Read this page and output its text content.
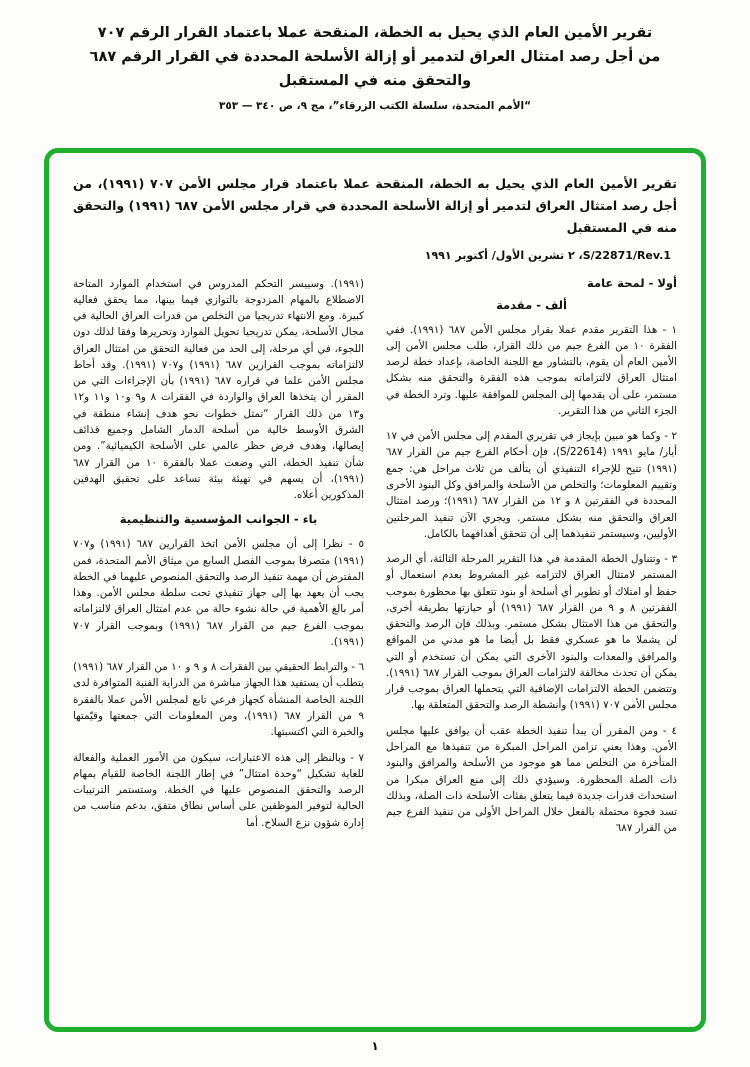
تقرير الأمين العام الذي يحيل به الخطة، المنقحة عملا باعتماد القرار الرقم ٧٠٧
من أجل رصد امتثال العراق لتدمير أو إزالة الأسلحة المحددة في القرار الرقم ٦٨٧
والتحقق منه في المستقبل
“الأمم المتحدة، سلسلة الكتب الزرقاء”، مج ٩، ص ٣٤٠ — ٣٥٣
تقرير الأمين العام الذي يحيل به الخطة، المنقحة عملا باعتماد قرار مجلس الأمن ٧٠٧ (١٩٩١)، من أجل رصد امتثال العراق لتدمير أو إزالة الأسلحة المحددة في قرار مجلس الأمن ٦٨٧ (١٩٩١) والتحقق منه في المستقبل
S/22871/Rev.1، ٢ تشرين الأول/ أكتوبر ١٩٩١
أولا - لمحة عامة
ألف - مقدمة

١ - هذا التقرير مقدم عملا بقرار مجلس الأمن ٦٨٧ (١٩٩١). ففي الفقرة ١٠ من الفرع جيم من ذلك القرار، طلب مجلس الأمن إلى الأمين العام أن يقوم، بالتشاور مع اللجنة الخاصة، بإعداد خطة لرصد امتثال العراق لالتزاماته بموجب هذه الفقرة والتحقق منه بشكل مستمر، على أن يقدمها إلى المجلس للموافقة عليها. وترد الخطة في الجزء الثاني من هذا التقرير.

٢ - وكما هو مبين بإيجاز في تقريري المقدم إلى مجلس الأمن في ١٧ أيار/ مايو ١٩٩١ (S/22614)، فإن أحكام الفرع جيم من القرار ٦٨٧ (١٩٩١) تتيح للإجراء التنفيذي أن يتألف من ثلاث مراحل هي: جمع وتقييم المعلومات؛ والتخلص من الأسلحة والمرافق وكل البنود الأخرى المحددة في الفقرتين ٨ و ١٢ من القرار ٦٨٧ (١٩٩١)؛ ورصد امتثال العراق والتحقق منه بشكل مستمر. ويجري الآن تنفيذ المرحلتين الأوليين، وسيستمر تنفيذهما إلى أن تتحقق أهدافهما بالكامل.

٣ - وتتناول الخطة المقدمة في هذا التقرير المرحلة الثالثة، أي الرصد المستمر لامتثال العراق لالتزامه غير المشروط بعدم استعمال أو حفظ أو امتلاك أو تطوير أي أسلحة أو بنود تتعلق بها محظورة بموجب الفقرتين ٨ و ٩ من القرار ٦٨٧ (١٩٩١) أو حيازتها بطريقة أخرى، والتحقق من هذا الامتثال بشكل مستمر. وبذلك فإن الرصد والتحقق لن يشملا ما هو عسكري فقط بل أيضا ما هو مدني من المواقع والمرافق والمعدات والبنود الأخرى التي يمكن أن تستخدم أو التي يمكن أن تحدث مخالفة لالتزامات العراق بموجب القرار ٦٨٧ (١٩٩١). وتتضمن الخطة الالتزامات الإضافية التي يتحملها العراق بموجب قرار مجلس الأمن ٧٠٧ (١٩٩١) وأنشطة الرصد والتحقق المتعلقة بها.

٤ - ومن المقرر أن يبدأ تنفيذ الخطة عقب أن يوافق عليها مجلس الأمن. وهذا يعني تزامن المراحل المبكرة من تنفيذها مع المراحل المتأخرة من التخلص مما هو موجود من الأسلحة والمرافق والبنود ذات الصلة المحظورة. وسيؤدي ذلك إلى منع العراق مبكرا من استحداث قدرات جديدة فيما يتعلق بفئات الأسلحة ذات الصلة، وبذلك تسد فجوة محتملة بالفعل خلال المراحل الأولى من تنفيذ الفرع جيم من القرار ٦٨٧

(١٩٩١). وسييسر التحكم المدروس في استخدام الموارد المتاحة الاضطلاع بالمهام المزدوجة بالتوازي فيما بينها، مما يحقق فعالية كبيرة. ومع الانتهاء تدريجيا من التخلص من قدرات العراق الحالية في مجال الأسلحة، يمكن تدريجيا تحويل الموارد وتحريرها وفقا لذلك دون اللجوء، في أي مرحلة، إلى الحد من فعالية التحقق من امتثال العراق لالتزاماته بموجب القرارين ٦٨٧ (١٩٩١) و٧٠٧ (١٩٩١). وقد أحاط مجلس الأمن علما في قراره ٦٨٧ (١٩٩١) بأن الإجراءات التي من المقرر أن يتخذها العراق والواردة في الفقرات ٨ و٩ و١٠ و١١ و١٢ و١٣ من ذلك القرار “تمثل خطوات نحو هدف إنشاء منطقة في الشرق الأوسط خالية من أسلحة الدمار الشامل وجميع قذائف إيصالها، وهدف فرض حظر عالمي على الأسلحة الكيميائية”. ومن شأن تنفيذ الخطة، التي وضعت عملا بالفقرة ١٠ من القرار ٦٨٧ (١٩٩١)، أن يسهم في تهيئة بيئة تساعد على تحقيق الهدفين المذكورين أعلاه.

باء - الجوانب المؤسسية والتنظيمية

٥ - نظرا إلى أن مجلس الأمن اتخذ القرارين ٦٨٧ (١٩٩١) و٧٠٧ (١٩٩١) متصرفا بموجب الفصل السابع من ميثاق الأمم المتحدة، فمن المفترض أن مهمة تنفيذ الرصد والتحقق المنصوص عليهما في الخطة يجب أن يعهد بها إلى جهاز تنفيذي تحت سلطة مجلس الأمن. وهذا أمر بالغ الأهمية في حالة نشوء حالة من عدم امتثال العراق لالتزاماته بموجب الفرع جيم من القرار ٦٨٧ (١٩٩١) وبموجب القرار ٧٠٧ (١٩٩١).

٦ - والترابط الحقيقي بين الفقرات ٨ و ٩ و ١٠ من القرار ٦٨٧ (١٩٩١) يتطلب أن يستفيد هذا الجهاز مباشرة من الدراية الفنية المتوافرة لدى اللجنة الخاصة المنشأة كجهاز فرعي تابع لمجلس الأمن عملا بالفقرة ٩ من القرار ٦٨٧ (١٩٩١)، ومن المعلومات التي جمعتها وقيّمتها والخبرة التي اكتسبتها.

٧ - وبالنظر إلى هذه الاعتبارات، سيكون من الأمور العملية والفعالة للغاية تشكيل “وحدة امتثال” في إطار اللجنة الخاصة للقيام بمهام الرصد والتحقق المنصوص عليها في الخطة. وستستمر الترتيبات الحالية لتوفير الموظفين على أساس نطاق متفق، بدعم مناسب من إدارة شؤون نزع السلاح. أما

١
